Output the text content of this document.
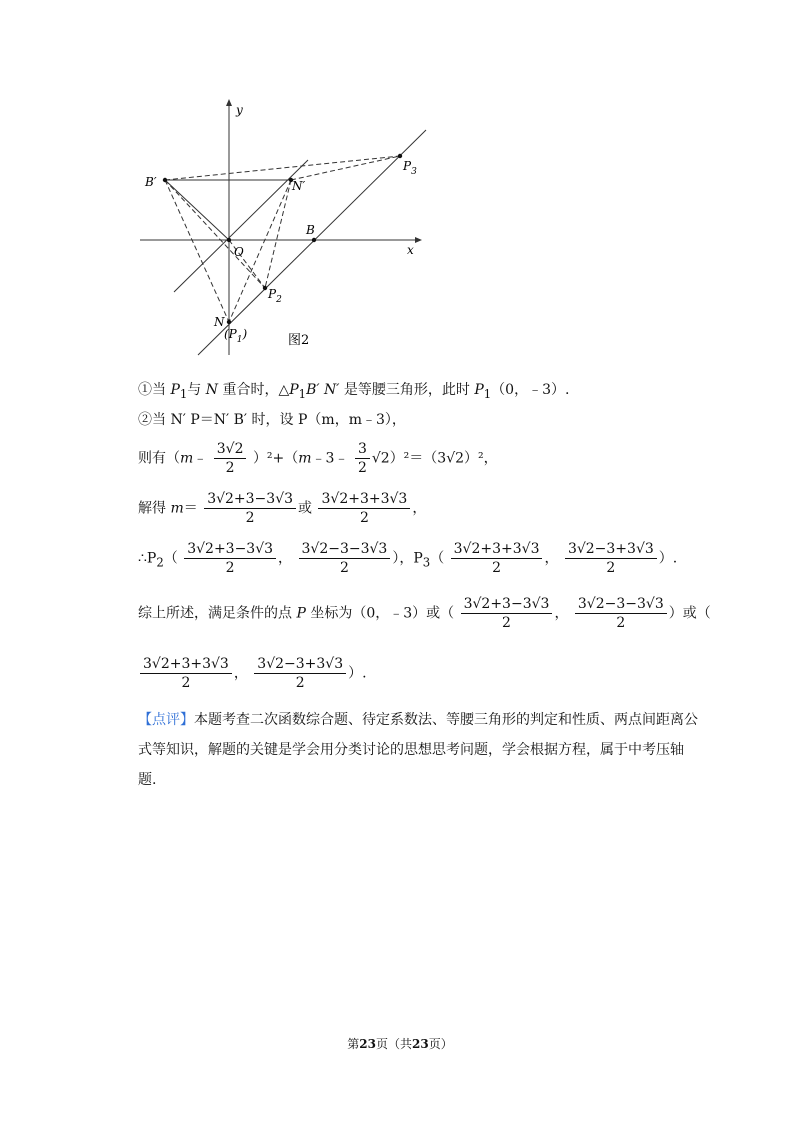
y
x
B′	N′
O
B
$P_3$
$P_2$
N
$(P_1)$	图2
①当 $P_1$与 N 重合时，$\triangle P_1B'$ N′ 是等腰三角形，此时 $P_1(0$，﹣3）.
②当 N′ P＝N′ B′ 时，设 P（m，m﹣3），
则有（m﹣ $\frac{3√2}{2}$ ）²+（m﹣3﹣ $\frac{3}{2} √2)^2=(3√2)^2$，
解得 $m= \frac{3√2+3-3√3}{2}$ 或 $\frac{3√2+3+3√3}{2}$ ，
$\therefore P_2( \frac{3√2+3-3√3}{2}$ ， $\frac{3√2-3-3√3}{2}$ ），$P_3( \frac{3√2+3+3√3}{2}$ ， $\frac{3√2-3+3√3}{2}$ ）.
综上所述，满足条件的点 P 坐标为（0，﹣3）或（ $\frac{3√2+3-3√3}{2}$ ， $\frac{3√2-3-3√3}{2}$ ）或（
$\frac{3√2+3+3√3}{2}$ ， $\frac{3√2-3+3√3}{2}$ ）.
【点评】本题考查二次函数综合题、待定系数法、等腰三角形的判定和性质、两点间距离公
式等知识，解题的关键是学会用分类讨论的思想思考问题，学会根据方程，属于中考压轴
题.
第23页（共23页）
